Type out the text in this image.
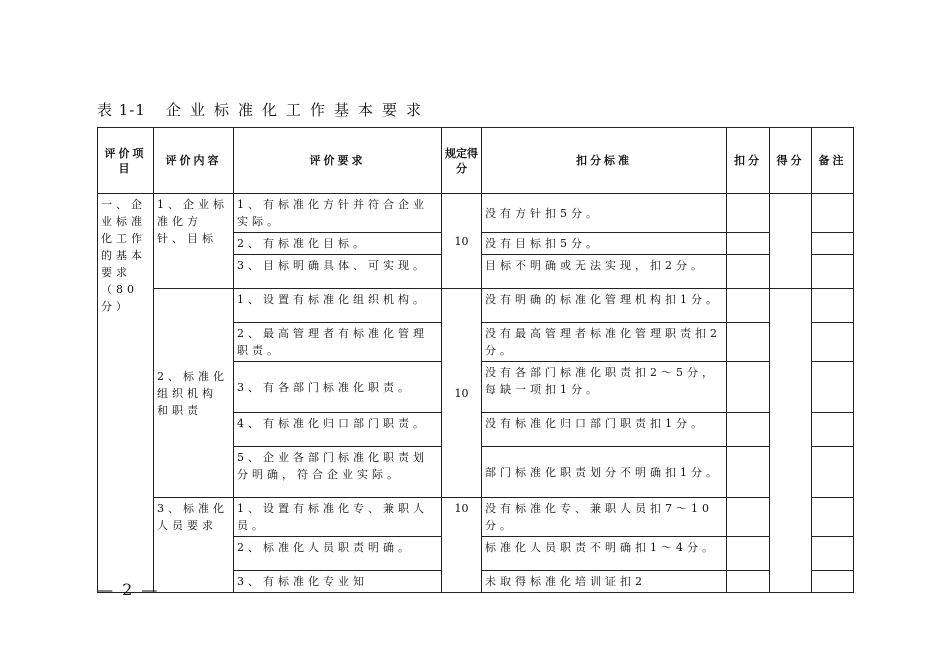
表 1-1 企业标准化工作基本要求
评价项目	评价内容	评价要求	规定得分	扣分标准	扣分	得分	备注
一、企业标准化工作的基本要求（80分）	1、企业标准化方针、目标	1、有标准化方针并符合企业实际。	10	没有方针扣5分。			
		2、有标准化目标。		没有目标扣5分。			
		3、目标明确具体、可实现。		目标不明确或无法实现，扣2分。			
	2、标准化组织机构和职责	1、设置有标准化组织机构。	10	没有明确的标准化管理机构扣1分。			
		2、最高管理者有标准化管理职责。		没有最高管理者标准化管理职责扣2分。			
		3、有各部门标准化职责。		没有各部门标准化职责扣2～5分，每缺一项扣1分。			
		4、有标准化归口部门职责。		没有标准化归口部门职责扣1分。			
		5、企业各部门标准化职责划分明确，符合企业实际。		部门标准化职责划分不明确扣1分。			
	3、标准化人员要求	1、设置有标准化专、兼职人员。	10	没有标准化专、兼职人员扣7～10分。			
		2、标准化人员职责明确。		标准化人员职责不明确扣1～4分。			
		3、有标准化专业知		未取得标准化培训证扣2			
— 2 —
